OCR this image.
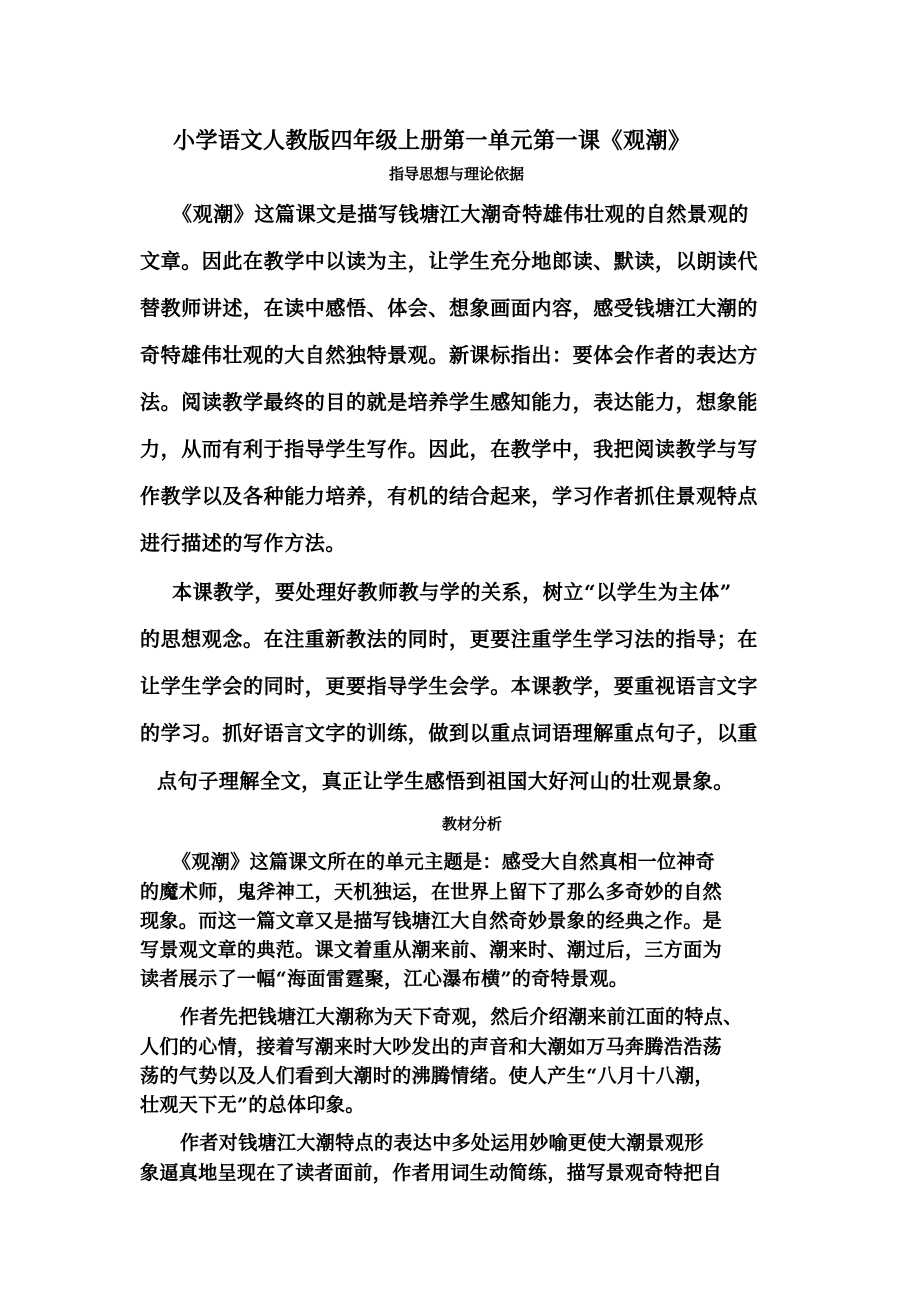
小学语文人教版四年级上册第一单元第一课《观潮》
指导思想与理论依据
《观潮》这篇课文是描写钱塘江大潮奇特雄伟壮观的自然景观的
文章。因此在教学中以读为主，让学生充分地郎读、默读，以朗读代
替教师讲述，在读中感悟、体会、想象画面内容，感受钱塘江大潮的
奇特雄伟壮观的大自然独特景观。新课标指出：要体会作者的表达方
法。阅读教学最终的目的就是培养学生感知能力，表达能力，想象能
力，从而有利于指导学生写作。因此，在教学中，我把阅读教学与写
作教学以及各种能力培养，有机的结合起来，学习作者抓住景观特点
进行描述的写作方法。
本课教学，要处理好教师教与学的关系，树立“以学生为主体”
的思想观念。在注重新教法的同时，更要注重学生学习法的指导；在
让学生学会的同时，更要指导学生会学。本课教学，要重视语言文字
的学习。抓好语言文字的训练，做到以重点词语理解重点句子，以重
点句子理解全文，真正让学生感悟到祖国大好河山的壮观景象。
教材分析
《观潮》这篇课文所在的单元主题是：感受大自然真相一位神奇
的魔术师，鬼斧神工，天机独运，在世界上留下了那么多奇妙的自然
现象。而这一篇文章又是描写钱塘江大自然奇妙景象的经典之作。是
写景观文章的典范。课文着重从潮来前、潮来时、潮过后，三方面为
读者展示了一幅“海面雷霆聚，江心瀑布横”的奇特景观。
作者先把钱塘江大潮称为天下奇观，然后介绍潮来前江面的特点、
人们的心情，接着写潮来时大吵发出的声音和大潮如万马奔腾浩浩荡
荡的气势以及人们看到大潮时的沸腾情绪。使人产生“八月十八潮，
壮观天下无”的总体印象。
作者对钱塘江大潮特点的表达中多处运用妙喻更使大潮景观形
象逼真地呈现在了读者面前，作者用词生动简练，描写景观奇特把自
